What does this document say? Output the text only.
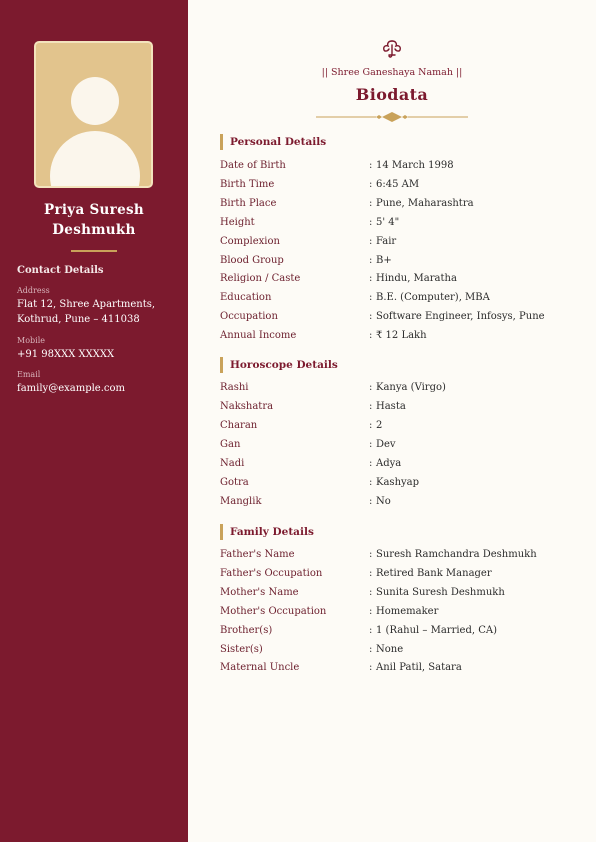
Priya Suresh
Deshmukh
Contact Details
Address
Flat 12, Shree Apartments,
Kothrud, Pune – 411038
Mobile
+91 98XXX XXXXX
Email
family@example.com
|| Shree Ganeshaya Namah ||
Biodata
Personal Details
Date of Birth	: 14 March 1998
Birth Time	: 6:45 AM
Birth Place	: Pune, Maharashtra
Height	: 5' 4"
Complexion	: Fair
Blood Group	: B+
Religion / Caste	: Hindu, Maratha
Education	: B.E. (Computer), MBA
Occupation	: Software Engineer, Infosys, Pune
Annual Income	: ₹ 12 Lakh
Horoscope Details
Rashi	: Kanya (Virgo)
Nakshatra	: Hasta
Charan	: 2
Gan	: Dev
Nadi	: Adya
Gotra	: Kashyap
Manglik	: No
Family Details
Father's Name	: Suresh Ramchandra Deshmukh
Father's Occupation	: Retired Bank Manager
Mother's Name	: Sunita Suresh Deshmukh
Mother's Occupation	: Homemaker
Brother(s)	: 1 (Rahul – Married, CA)
Sister(s)	: None
Maternal Uncle	: Anil Patil, Satara
